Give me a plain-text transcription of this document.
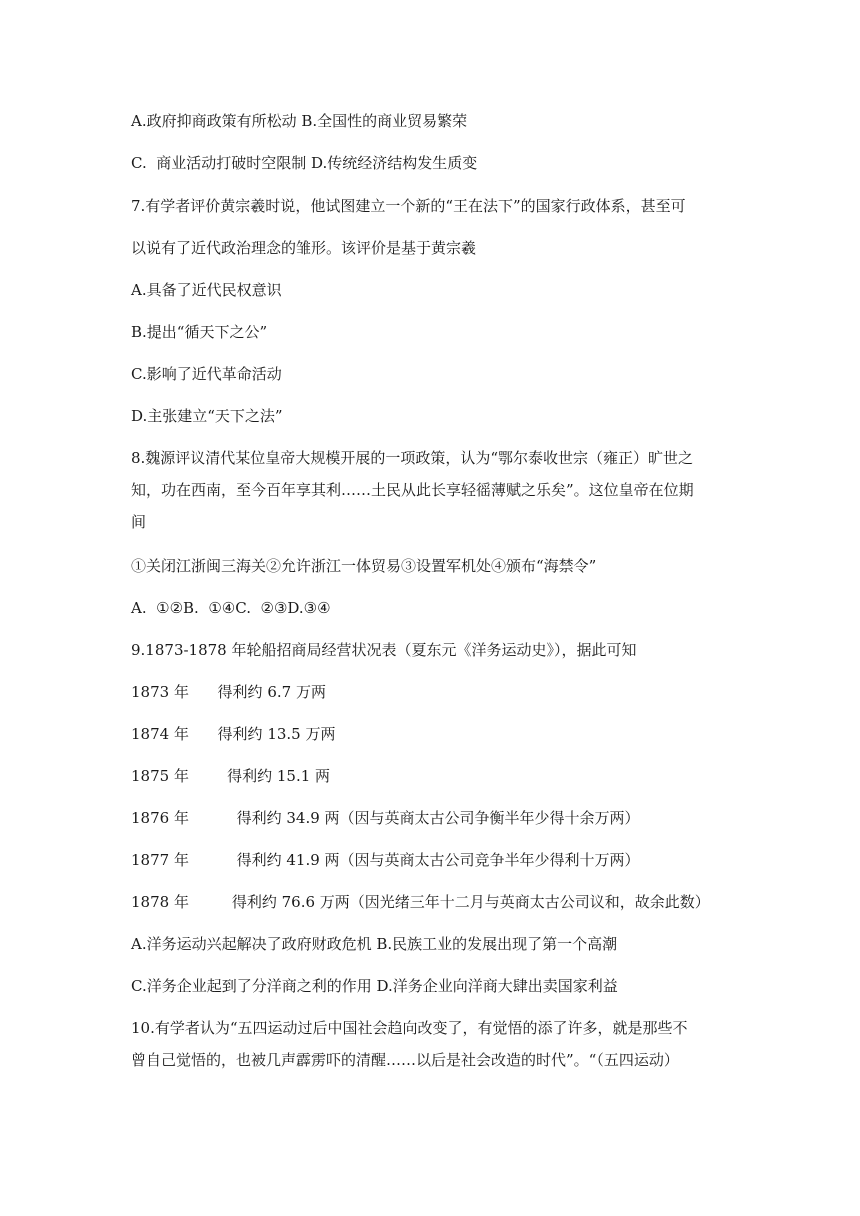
A.政府抑商政策有所松动 B.全国性的商业贸易繁荣
C.  商业活动打破时空限制 D.传统经济结构发生质变
7.有学者评价黄宗羲时说，他试图建立一个新的“王在法下”的国家行政体系，甚至可
以说有了近代政治理念的雏形。该评价是基于黄宗羲
A.具备了近代民权意识
B.提出“循天下之公”
C.影响了近代革命活动
D.主张建立“天下之法”
8.魏源评议清代某位皇帝大规模开展的一项政策，认为“鄂尔泰收世宗（雍正）旷世之
知，功在西南，至今百年享其利……土民从此长享轻徭薄赋之乐矣”。这位皇帝在位期
间
①关闭江浙闽三海关②允许浙江一体贸易③设置军机处④颁布“海禁令”
A.  ①②B.  ①④C.  ②③D.③④
9.1873-1878 年轮船招商局经营状况表（夏东元《洋务运动史》），据此可知
1873 年      得利约 6.7 万两
1874 年      得利约 13.5 万两
1875 年        得利约 15.1 两
1876 年          得利约 34.9 两（因与英商太古公司争衡半年少得十余万两）
1877 年          得利约 41.9 两（因与英商太古公司竞争半年少得利十万两）
1878 年         得利约 76.6 万两（因光绪三年十二月与英商太古公司议和，故余此数）
A.洋务运动兴起解决了政府财政危机 B.民族工业的发展出现了第一个高潮
C.洋务企业起到了分洋商之利的作用 D.洋务企业向洋商大肆出卖国家利益
10.有学者认为“五四运动过后中国社会趋向改变了，有觉悟的添了许多，就是那些不
曾自己觉悟的，也被几声霹雳吓的清醒……以后是社会改造的时代”。“（五四运动）
